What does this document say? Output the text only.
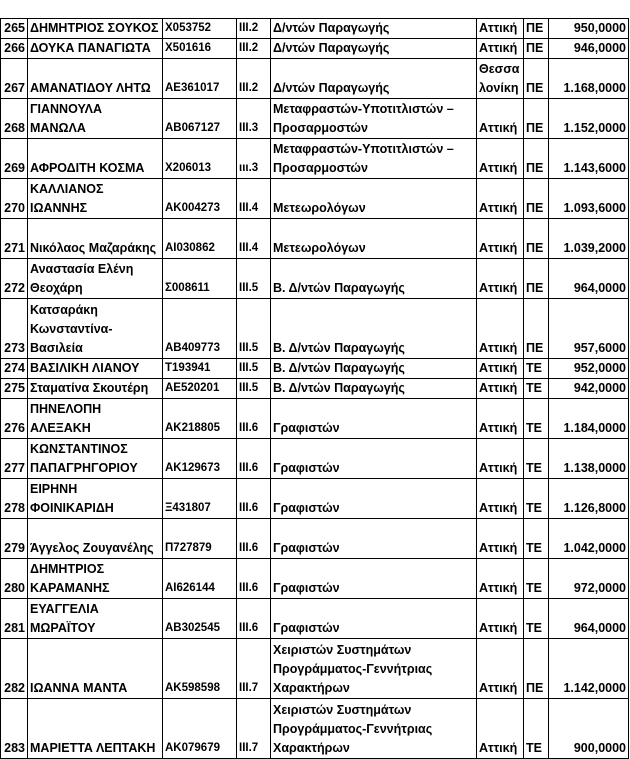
265	ΔΗΜΗΤΡΙΟΣ ΣΟΥΚΟΣ	Χ053752	ΙΙΙ.2	Δ/ντών Παραγωγής	Αττική	ΠΕ	950,0000
266	ΔΟΥΚΑ ΠΑΝΑΓΙΩΤΑ	Χ501616	ΙΙΙ.2	Δ/ντών Παραγωγής	Αττική	ΠΕ	946,0000
267	ΑΜΑΝΑΤΙΔΟΥ ΛΗΤΩ	ΑΕ361017	ΙΙΙ.2	Δ/ντών Παραγωγής	Θεσσα λονίκη	ΠΕ	1.168,0000
268	ΓΙΑΝΝΟΥΛΑ ΜΑΝΩΛΑ	ΑΒ067127	ΙΙΙ.3	Μεταφραστών-Υποτιτλιστών –Προσαρμοστών	Αττική	ΠΕ	1.152,0000
269	ΑΦΡΟΔΙΤΗ ΚΟΣΜΑ	Χ206013	ιιι.3	Μεταφραστών-Υποτιτλιστών –Προσαρμοστών	Αττική	ΠΕ	1.143,6000
270	ΚΑΛΛΙΑΝΟΣ ΙΩΑΝΝΗΣ	ΑΚ004273	ΙΙΙ.4	Μετεωρολόγων	Αττική	ΠΕ	1.093,6000
271	Νικόλαος Μαζαράκης	ΑΙ030862	ΙΙΙ.4	Μετεωρολόγων	Αττική	ΠΕ	1.039,2000
272	Αναστασία Ελένη Θεοχάρη	Σ008611	ΙΙΙ.5	Β. Δ/ντών Παραγωγής	Αττική	ΠΕ	964,0000
273	Κατσαράκη Κωνσταντίνα- Βασιλεία	ΑΒ409773	ΙΙΙ.5	Β. Δ/ντών Παραγωγής	Αττική	ΠΕ	957,6000
274	ΒΑΣΙΛΙΚΗ ΛΙΑΝΟΥ	Τ193941	ΙΙΙ.5	Β. Δ/ντών Παραγωγής	Αττική	ΤΕ	952,0000
275	Σταματίνα Σκουτέρη	ΑΕ520201	ΙΙΙ.5	Β. Δ/ντών Παραγωγής	Αττική	ΤΕ	942,0000
276	ΠΗΝΕΛΟΠΗ ΑΛΕΞΑΚΗ	ΑΚ218805	ΙΙΙ.6	Γραφιστών	Αττική	ΤΕ	1.184,0000
277	ΚΩΝΣΤΑΝΤΙΝΟΣ ΠΑΠΑΓΡΗΓΟΡΙΟΥ	ΑΚ129673	ΙΙΙ.6	Γραφιστών	Αττική	ΤΕ	1.138,0000
278	ΕΙΡΗΝΗ ΦΟΙΝΙΚΑΡΙΔΗ	Ξ431807	ΙΙΙ.6	Γραφιστών	Αττική	ΤΕ	1.126,8000
279	Άγγελος Ζουγανέλης	Π727879	ΙΙΙ.6	Γραφιστών	Αττική	ΤΕ	1.042,0000
280	ΔΗΜΗΤΡΙΟΣ ΚΑΡΑΜΑΝΗΣ	ΑΙ626144	ΙΙΙ.6	Γραφιστών	Αττική	ΤΕ	972,0000
281	ΕΥΑΓΓΕΛΙΑ ΜΩΡΑΪΤΟΥ	ΑΒ302545	ΙΙΙ.6	Γραφιστών	Αττική	ΤΕ	964,0000
282	ΙΩΑΝΝΑ ΜΑΝΤΑ	ΑΚ598598	ΙΙΙ.7	Χειριστών Συστημάτων Προγράμματος-Γεννήτριας Χαρακτήρων	Αττική	ΠΕ	1.142,0000
283	ΜΑΡΙΕΤΤΑ ΛΕΠΤΑΚΗ	ΑΚ079679	ΙΙΙ.7	Χειριστών Συστημάτων Προγράμματος-Γεννήτριας Χαρακτήρων	Αττική	ΤΕ	900,0000
